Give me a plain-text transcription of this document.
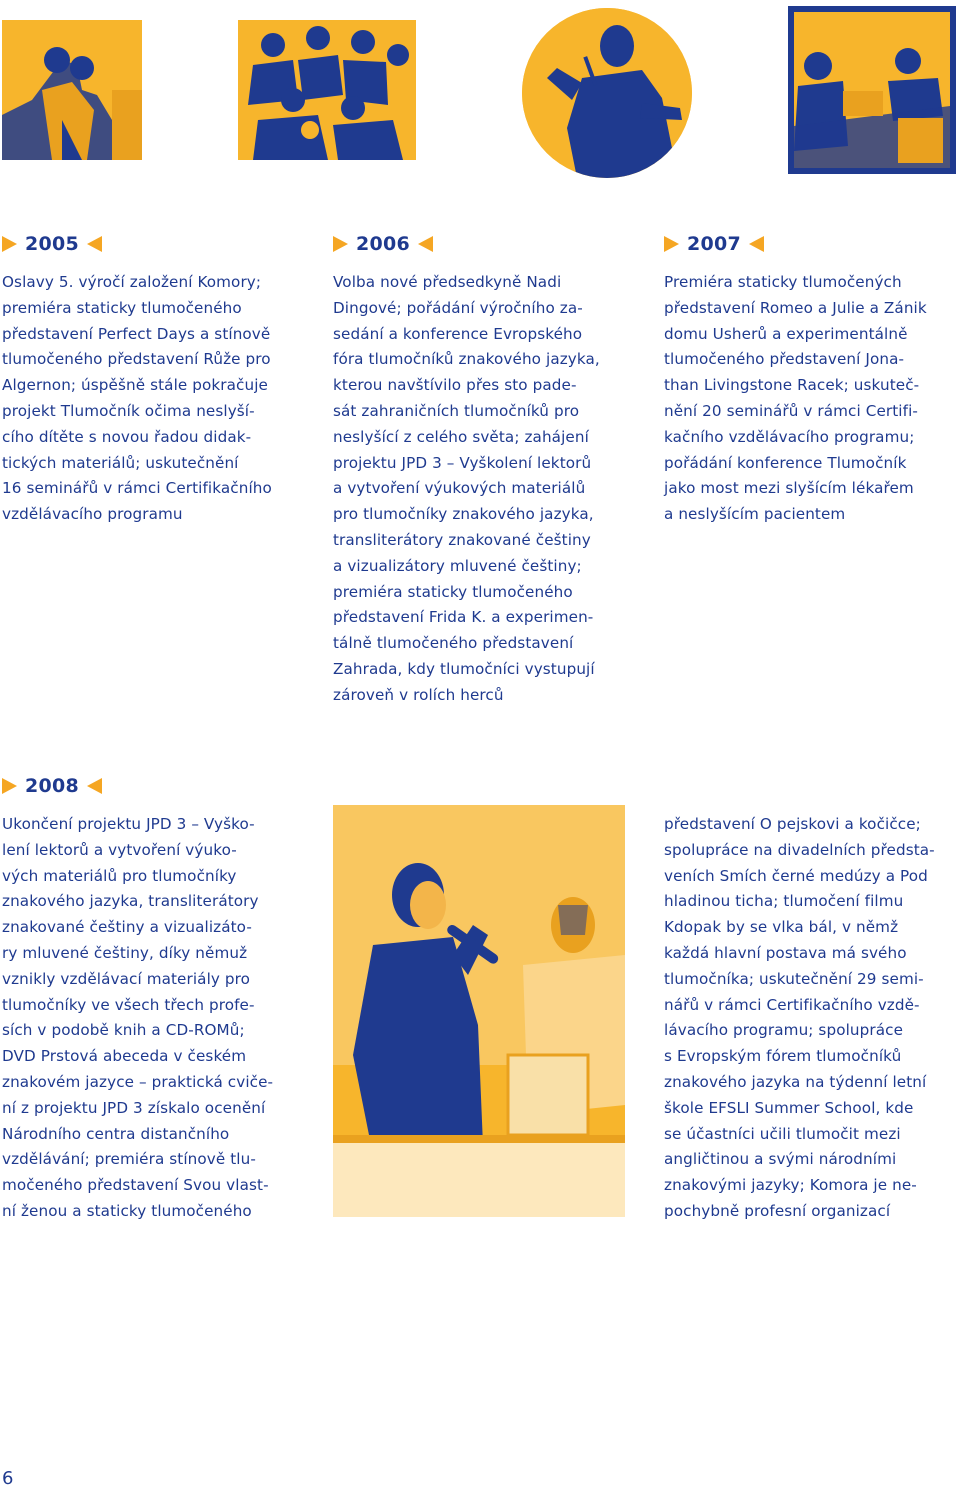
2005
Oslavy 5. výročí založení Komory;
premiéra staticky tlumočeného
představení Perfect Days a stínově
tlumočeného představení Růže pro
Algernon; úspěšně stále pokračuje
projekt Tlumočník očima neslyší-
cího dítěte s novou řadou didak-
tických materiálů; uskutečnění
16 seminářů v rámci Certifikačního
vzdělávacího programu
2006
Volba nové předsedkyně Nadi
Dingové; pořádání výročního za-
sedání a konference Evropského
fóra tlumočníků znakového jazyka,
kterou navštívilo přes sto pade-
sát zahraničních tlumočníků pro
neslyšící z celého světa; zahájení
projektu JPD 3 – Vyškolení lektorů
a vytvoření výukových materiálů
pro tlumočníky znakového jazyka,
transliterátory znakované češtiny
a vizualizátory mluvené češtiny;
premiéra staticky tlumočeného
představení Frida K. a experimen-
tálně tlumočeného představení
Zahrada, kdy tlumočníci vystupují
zároveň v rolích herců
2007
Premiéra staticky tlumočených
představení Romeo a Julie a Zánik
domu Usherů a experimentálně
tlumočeného představení Jona-
than Livingstone Racek; uskuteč-
nění 20 seminářů v rámci Certifi-
kačního vzdělávacího programu;
pořádání konference Tlumočník
jako most mezi slyšícím lékařem
a neslyšícím pacientem
2008
Ukončení projektu JPD 3 – Vyško-
lení lektorů a vytvoření výuko-
vých materiálů pro tlumočníky
znakového jazyka, transliterátory
znakované češtiny a vizualizáto-
ry mluvené češtiny, díky němuž
vznikly vzdělávací materiály pro
tlumočníky ve všech třech profe-
sích v podobě knih a CD-ROMů;
DVD Prstová abeceda v českém
znakovém jazyce – praktická cviče-
ní z projektu JPD 3 získalo ocenění
Národního centra distančního
vzdělávání; premiéra stínově tlu-
močeného představení Svou vlast-
ní ženou a staticky tlumočeného
představení O pejskovi a kočičce;
spolupráce na divadelních předsta-
veních Smích černé medúzy a Pod
hladinou ticha; tlumočení filmu
Kdopak by se vlka bál, v němž
každá hlavní postava má svého
tlumočníka; uskutečnění 29 semi-
nářů v rámci Certifikačního vzdě-
lávacího programu; spolupráce
s Evropským fórem tlumočníků
znakového jazyka na týdenní letní
škole EFSLI Summer School, kde
se účastníci učili tlumočit mezi
angličtinou a svými národními
znakovými jazyky; Komora je ne-
pochybně profesní organizací
6
